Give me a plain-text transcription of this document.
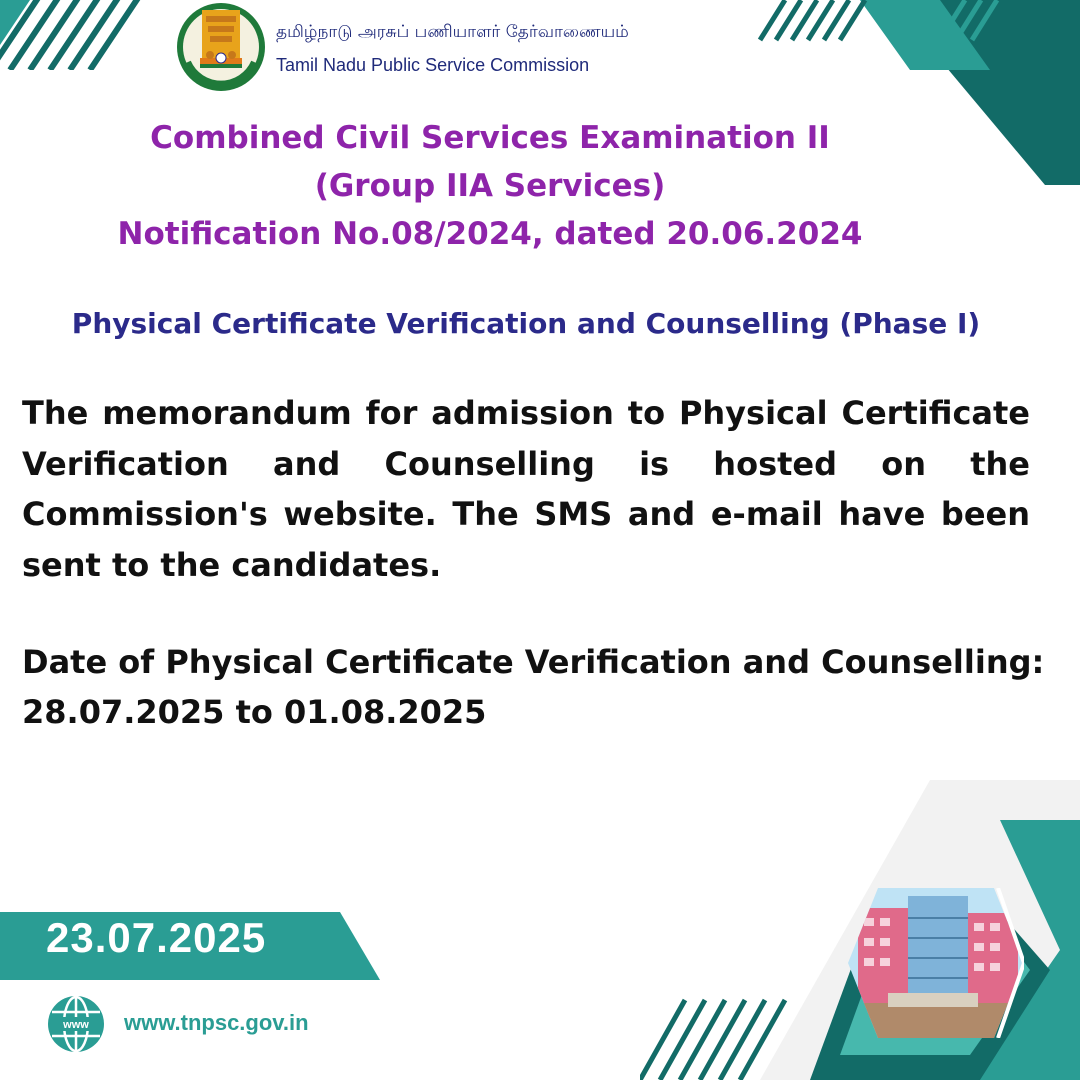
தமிழ்நாடு அரசுப் பணியாளர் தேர்வாணையம்
Tamil Nadu Public Service Commission
Combined Civil Services Examination II
(Group IIA Services)
Notification No.08/2024, dated 20.06.2024
Physical Certificate Verification and Counselling (Phase I)
The memorandum for admission to Physical Certificate Verification and Counselling is hosted on the Commission's website. The SMS and e-mail have been sent to the candidates.
Date of Physical Certificate Verification and Counselling:
28.07.2025 to 01.08.2025
23.07.2025
www www.tnpsc.gov.in
